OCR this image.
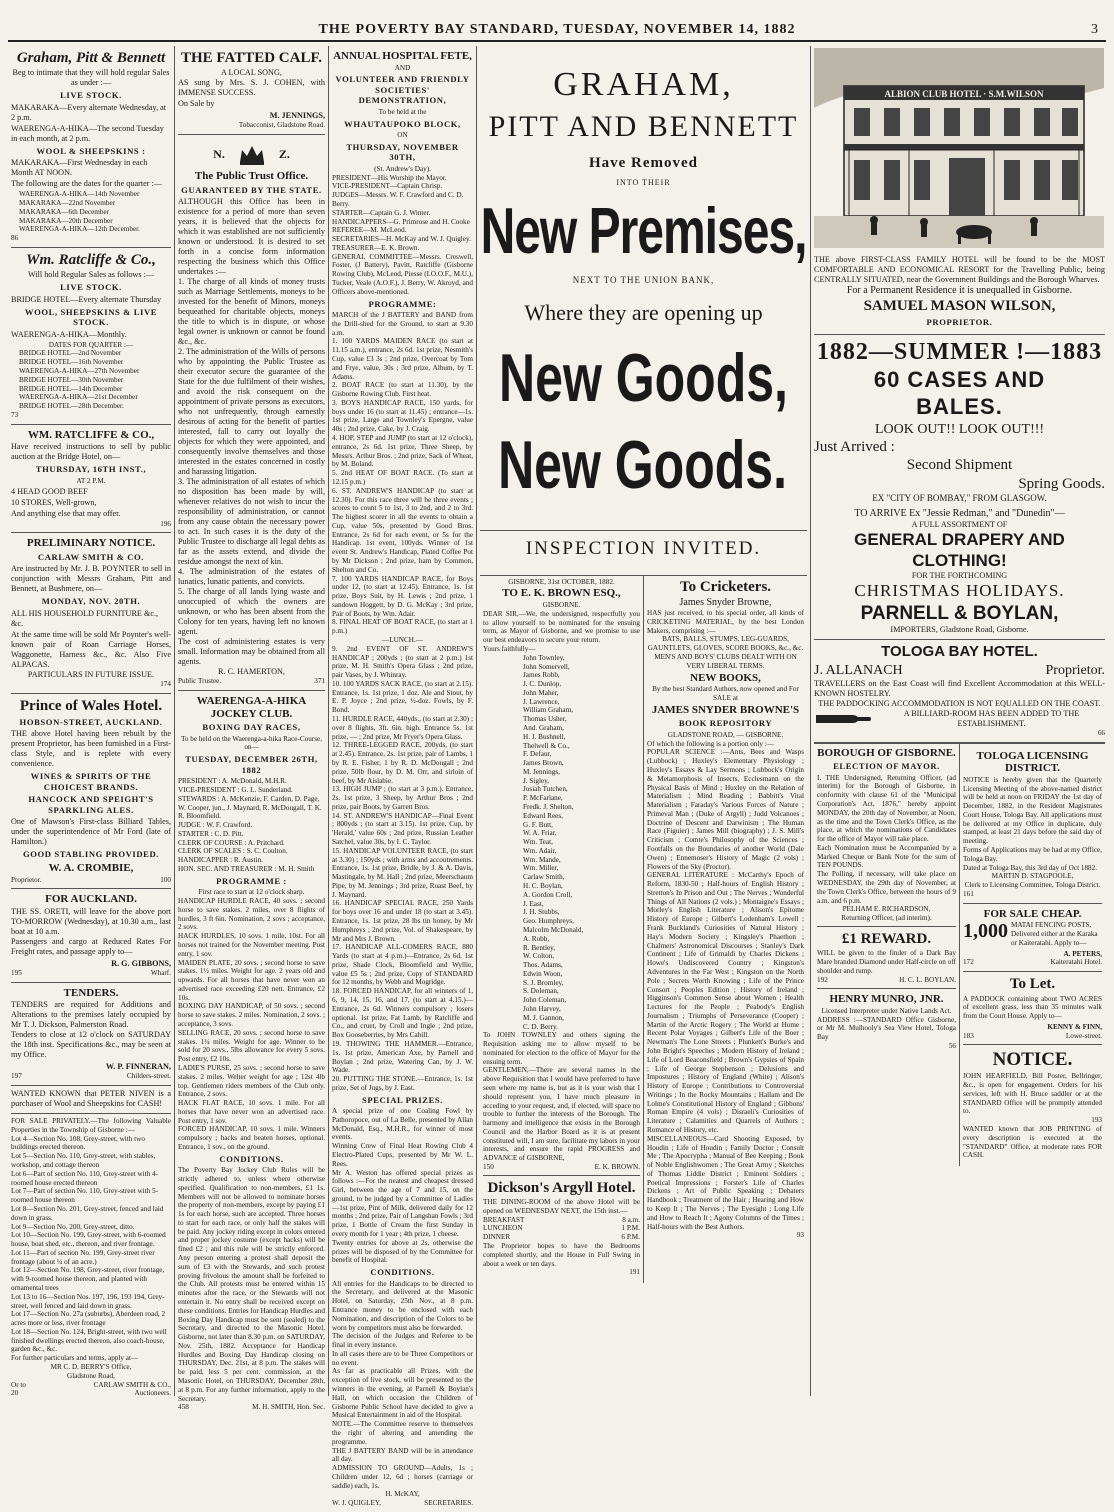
THE POVERTY BAY STANDARD, TUESDAY, NOVEMBER 14, 1882	3
Graham, Pitt & Bennett
Beg to intimate that they will hold regular Sales as under :—
LIVE STOCK.
MAKARAKA—Every alternate Wednesday, at 2 p.m.
WAERENGA-A-HIKA—The second Tuesday in each month, at 2 p.m.
WOOL & SHEEPSKINS :
MAKARAKA—First Wednesday in each Month AT NOON.
The following are the dates for the quarter :—
WAERENGA-A-HIKA—14th November
MAKARAKA—22nd November
MAKARAKA—6th December
MAKARAKA—20th December
WAERENGA-A-HIKA—12th December.
86
Wm. Ratcliffe & Co.,
Will hold Regular Sales as follows :—
LIVE STOCK.
BRIDGE HOTEL—Every alternate Thursday
WOOL, SHEEPSKINS & LIVE STOCK.
WAERENGA-A-HIKA—Monthly.
DATES FOR QUARTER :—
BRIDGE HOTEL—2nd November
BRIDGE HOTEL—16th November
WAERENGA-A-HIKA—27th November
BRIDGE HOTEL—30th November
BRIDGE HOTEL—14th December
WAERENGA-A-HIKA—21st December
BRIDGE HOTEL—28th December.
73
WM. RATCLIFFE & CO.,
Have received instructions to sell by public auction at the Bridge Hotel, on—
THURSDAY, 16TH INST.,
AT 2 P.M.
4 HEAD GOOD BEEF
10 STORES, Well-grown,
And anything else that may offer.
196
PRELIMINARY NOTICE.
CARLAW SMITH & CO.
Are instructed by Mr. J. B. POYNTER to sell in conjunction with Messrs Graham, Pitt and Bennett, at Bushmere, on—
MONDAY, NOV. 20TH.
ALL HIS HOUSEHOLD FURNITURE &c., &c.
At the same time will be sold Mr Poynter's well-known pair of Roan Carriage Horses, Waggonette, Harness &c., &c. Also Five ALPACAS.
PARTICULARS IN FUTURE ISSUE.
174
Prince of Wales Hotel.
HOBSON-STREET, AUCKLAND.
THE above Hotel having been rebuilt by the present Proprietor, has been furnished in a First-class Style, and is replete with every convenience.
WINES & SPIRITS OF THE CHOICEST BRANDS.
HANCOCK AND SPEIGHT'S SPARKLING ALES.
One of Mawson's First-class Billiard Tables, under the superintendence of Mr Ford (late of Hamilton.)
GOOD STABLING PROVIDED.
W. A. CROMBIE,
Proprietor.	100
FOR AUCKLAND.
THE SS. ORETI, will leave for the above port TO-MORROW (Wednesday), at 10.30 a.m., last boat at 10 a.m.
Passengers and cargo at Reduced Rates For Freight rates, and passage apply to—
R. G. GIBBONS,
195	Wharf.
TENDERS.
TENDERS are required for Additions and Alterations to the premises lately occupied by Mr T. J. Dickson, Palmerston Road.
Tenders to close at 12 o'clock on SATURDAY the 18th inst. Specifications &c., may be seen at my Office.
W. P. FINNERAN,
197	Childers-street.
WANTED KNOWN that PETER NIVEN is a purchaser of Wool and Sheepskins for CASH!
FOR SALE PRIVATELY.—The following Valuable Properties in the Township of Gisborne :—
Lot 4—Section No. 108, Grey-street, with two buildings erected thereon.
Lot 5—Section No. 110, Grey-street, with stables, workshop, and cottage thereon
Lot 6—Part of section No. 110, Grey-street with 4-roomed house erected thereon
Lot 7—Part of section No. 110, Grey-street with 5-roomed house thereon
Lot 8—Section No. 201, Grey-street, fenced and laid down in grass.
Lot 9—Section No. 200, Grey-street, ditto.
Lot 10—Section No. 199, Grey-street, with 6-roomed house, boat shed, etc., thereon, and river frontage.
Lot 11—Part of section No. 199, Grey-street river frontage (about ¼ of an acre.)
Lot 12—Section No. 198, Grey-street, river frontage, with 9-roomed house thereon, and planted with ornamental trees
Lot 13 to 16—Section Nos. 197, 196, 193 194, Grey-street, well fenced and laid down in grass.
Lot 17—Section No. 27a (suburbs), Aberdeen road, 2 acres more or less, river frontage
Lot 18—Section No. 124, Bright-street, with two well finished dwellings erected thereon, also coach-house, garden &c., &c.
For further particulars and terms, apply at—
MR C. D. BERRY'S Office,
Gladstone Road,
Or to	CARLAW SMITH & CO.,
20	Auctioneers.
THE FATTED CALF.
A LOCAL SONG,
AS sung by Mrs. S. J. COHEN, with IMMENSE SUCCESS.
On Sale by
M. JENNINGS,
Tobacconist, Gladstone Road.
N.	Z.
The Public Trust Office.
GUARANTEED BY THE STATE.
ALTHOUGH this Office has been in existence for a period of more than seven years, it is believed that the objects for which it was established are not sufficiently known or understood. It is desired to set forth in a concise form information respecting the business which this Office undertakes :—
1. The charge of all kinds of money trusts such as Marriage Settlements, moneys to be invested for the benefit of Minors, moneys bequeathed for charitable objects, moneys the title to which is in dispute, or whose legal owner is unknown or cannot be found &c., &c.
2. The administration of the Wills of persons who by appointing the Public Trustee as their executor secure the guarantee of the State for the due fulfilment of their wishes, and avoid the risk consequent on the appointment of private persons as executors, who not unfrequently, through earnestly desirous of acting for the benefit of parties interested, fall to carry out loyally the objects for which they were appointed, and consequently involve themselves and those interested in the estates concerned in costly and harassing litigation.
3. The administration of all estates of which no disposition has been made by will, whenever relatives do not wish to incur the responsibility of administration, or cannot from any cause obtain the necessary power to act. In such cases it is the duty of the Public Trustee to discharge all legal debts as far as the assets extend, and divide the residue amongst the next of kin.
4. The administration of the estates of lunatics, lunatic patients, and convicts.
5. The charge of all lands lying waste and unoccupied of which the owners are unknown, or who has been absent from the Colony for ten years, having left no known agent.
The cost of administering estates is very small. Information may be obtained from all agents.
R. C. HAMERTON,
Public Trustee.	371
WAERENGA-A-HIKA JOCKEY CLUB.
BOXING DAY RACES,
To be held on the Waerenga-a-hika Race-Course, on—
TUESDAY, DECEMBER 26TH, 1882
PRESIDENT : A. McDonald, M.H.R.
VICE-PRESIDENT : G. L. Sunderland.
STEWARDS : A. McKenzie, F. Carden, D. Page, W. Cooper, jun., J. Maynard, R. McDougall, T. K. R. Bloomfield.
JUDGE : W. F. Crawford.
STARTER : C. D. Pitt.
CLERK OF COURSE : A. Pritchard.
CLERK OF SCALES : S. C. Coulton.
HANDICAPPER : R. Austin.
HON. SEC. AND TREASURER : M. H. Smith
PROGRAMME :
First race to start at 12 o'clock sharp.
HANDICAP HURDLE RACE, 40 sovs. ; second horse to save stakes. 2 miles, over 8 flights of hurdles, 3 ft 6in. Nomination, 2 sovs ; acceptance, 2 sovs.
HACK HURDLES, 10 sovs. 1 mile, 10st. For all horses not trained for the November meeting. Post entry, 1 sov.
MAIDEN PLATE, 20 sovs. ; second horse to save stakes. 1½ miles. Weight for age. 2 years old and upwards. For all horses that have never won an advertised race exceeding £20 nett. Entrance, £2 10s.
BOXING DAY HANDICAP, of 50 sovs. ; second horse to save stakes. 2 miles. Nomination, 2 sovs. ; acceptance, 3 sovs.
SELLING RACE, 20 sovs. ; second horse to save stakes. 1¼ miles. Weight for age. Winner to be sold for 20 sovs., 5lbs allowance for every 5 sovs. Post entry, £2 10s.
LADIE'S PURSE, 25 sovs. ; second horse to save stakes. 2 miles. Welter weight for age ; 12st 4lb top. Gentlemen riders members of the Club only. Entrance, 2 sovs.
HACK FLAT RACE, 10 sovs. 1 mile. For all horses that have never won an advertised race. Post entry, 1 sov.
FORCED HANDICAP, 10 sovs. 1 mile. Winners compulsory ; hacks and beaten horses, optional. Entrance, 1 sov., on the ground.
CONDITIONS.
The Poverty Bay Jockey Club Rules will be strictly adhered to, unless where otherwise specified. Qualification to non-members, £1 1s. Members will not be allowed to nominate horses the property of non-members, except by paying £1 1s for each horse, such are accepted. Three horses to start for each race, or only half the stakes will be paid. Any jockey riding except in colors entered and proper jockey costume (except hacks) will be fined £2 ; and this rule will be strictly enforced. Any person entering a protest shall deposit the sum of £3 with the Stewards, and such protest proving frivolous the amount shall be forfeited to the Club. All protests must be entered within 15 minutes after the race, or the Stewards will not entertain it. No entry shall be received except on these conditions. Entries for Handicap Hurdles and Boxing Day Handicap must be sent (sealed) to the Secretary, and directed to the Masonic Hotel, Gisborne, not later than 8.30 p.m. on SATURDAY, Nov. 25th, 1882. Acceptance for Handicap Hurdles and Boxing Day Handicap closing on THURSDAY, Dec. 21st, at 8 p.m. The stakes will be paid, less 5 per cent. commission, at the Masonic Hotel, on THURSDAY, December 28th, at 8 p.m. For any further information, apply to the Secretary.
458	M. H. SMITH, Hon. Sec.
ANNUAL HOSPITAL FETE,
AND
VOLUNTEER AND FRIENDLY SOCIETIES' DEMONSTRATION,
To be held at the
WHAUTAUPOKO BLOCK,
ON
THURSDAY, NOVEMBER 30TH,
(St. Andrew's Day).
PRESIDENT—His Worship the Mayor.
VICE-PRESIDENT—Captain Chrisp.
JUDGES—Messrs. W. F. Crawford and C. D. Berry.
STARTER—Captain G. J. Winter.
HANDICAPPERS—G. Primrose and H. Cooke
REFEREE—M. McLeod.
SECRETARIES—H. McKay and W. J. Quigley.
TREASURER—E. K. Brown.
GENERAL COMMITTEE—Messrs. Creswell, Foster, (J Battery), Pavitt, Ratcliffe (Gisborne Rowing Club), McLeod, Piesse (I.O.O.F., M.U.), Tucker, Veale (A.O.F.), J. Berry, W. Akroyd, and Officers above-mentioned.
PROGRAMME:
MARCH of the J BATTERY and BAND from the Drill-shed for the Ground, to start at 9.30 a.m.
1. 100 YARDS MAIDEN RACE (to start at 11.15 a.m.), entrance, 2s 6d. 1st prize, Nesmith's Cup, value £3 3s ; 2nd prize, Overcoat by Tom and Frye, value, 30s ; 3rd prize, Album, by T. Adams.
2. BOAT RACE (to start at 11.30), by the Gisborne Rowing Club. First heat.
3. BOYS HANDICAP RACE, 150 yards, for boys under 16 (to start at 11.45) ; entrance—1s. 1st prize, Large and Townley's Epergne, value 40s ; 2nd prize, Cake, by J. Craig.
4. HOP, STEP and JUMP (to start at 12 o'clock), entrance, 2s 6d. 1st prize, Three Sheep, by Messrs. Arthur Bros. ; 2nd prize, Sack of Wheat, by M. Boland.
5. 2nd HEAT OF BOAT RACE. (To start at 12.15 p.m.)
6. ST. ANDREW'S HANDICAP (to start at 12.30). For this race three will be three events ; scores to count 5 to 1st, 3 to 2nd, and 2 to 3rd. The highest scorer in all the events to obtain a Cup, value 50s, presented by Good Bros. Entrance, 2s 6d for each event, or 5s for the Handicap. 1st event, 100yds. Winner of 1st event St. Andrew's Handicap, Plated Coffee Pot by Mr Dickson ; 2nd prize, ham by Common, Shelton and Co.
7. 100 YARDS HANDICAP RACE, for Boys under 12, (to start at 12.45). Entrance, 1s. 1st prize, Boys Suit, by H. Lewis ; 2nd prize, 1 sandown Hoggett, by D. G. McKay ; 3rd prize, Pair of Boots, by Wm. Adair.
8. FINAL HEAT OF BOAT RACE, (to start at 1 p.m.)
—LUNCH.—
9. 2nd EVENT OF ST. ANDREW'S HANDICAP ; 200yds ; (to start at 2 p.m.) 1st prize, M. H. Smith's Opera Glass ; 2nd prize, pair Vases, by J. Whinray.
10. 100 YARDS SACK RACE, (to start at 2.15). Entrance, 1s. 1st prize, 1 doz. Ale and Stout, by E. P. Joyce ; 2nd prize, ½-doz. Fowls, by F. Bond.
11. HURDLE RACE, 440yds., (to start at 2.30) ; over 8 flights, 3ft. 6in. high. Entrance 5s. 1st prize, — ; 2nd prize, Mr Fryer's Opera Glass.
12. THREE-LEGGED RACE, 200yds, (to start at 2.45). Entrance, 2s. 1st prize, pair of Lambs, 1 by R. E. Fisher, 1 by R. D. McDougall ; 2nd prize, 50lb flour, by D. M. Orr, and sirloin of beef, by Mr Aislabie.
13. HIGH JUMP ; (to start at 3 p.m.). Entrance, 2s. 1st prize, 3 Sheep, by Arthur Bros ; 2nd prize, pair Boots, by Garrett Bros.
14. ST. ANDREW'S HANDICAP—Final Event ; 800yds ; (to start at 3.15). 1st prize, Cup, by 'Herald,' value 60s ; 2nd prize, Russian Leather Satchel, value 30s, by I. C. Taylor.
15. HANDICAP VOLUNTEER RACE, (to start at 3.30) ; 150yds ; with arms and accoutrements. Entrance, 1s. 1st prize, Bridle, by J. & A. Davis, Mastingale, by M. Hall ; 2nd prize, Meerschaum Pipe, by M. Jennings ; 3rd prize, Roast Beef, by J. Maynard.
16. HANDICAP SPECIAL RACE, 250 Yards for boys over 16 and under 18 (to start at 3.45). Entrance, 1s. 1st prize, 28 lbs tin honey, by Mr Humphreys ; 2nd prize, Vol. of Shakespeare, by Mr and Mrs J. Brown.
17. HANDICAP ALL-COMERS RACE, 880 Yards (to start at 4 p.m.)—Entrance, 2s 6d. 1st prize, Shade Clock, Bloomfield and Wyllie, value £5 5s ; 2nd prize, Copy of STANDARD for 12 months, by Webb and Mogridge.
18. FORCED HANDICAP, for all winners of 1, 6, 9, 14, 15, 16, and 17, (to start at 4.15.)—Entrance, 2s 6d. Winners compulsory ; losers optional. 1st prize, Fat Lamb, by Ratcliffe and Co., and cruet, by Croll and Ingle ; 2nd prize, Box Gooseberries, by Mrs Cahill.
19. THOWING THE HAMMER.—Entrance, 1s. 1st prize, American Axe, by Parnell and Boylan ; 2nd prize, Watering Can, by J. W. Wade.
20. PUTTING THE STONE.—Entrance, 1s. 1st prize, Set of Jugs, by J. East.
SPECIAL PRIZES.
A special prize of one Coaling Fowl by Pathoropoce, out of La Belle, presented by Allan McDonald, Esq., M.H.R., for winner of most events.
Winning Crew of Final Heat Rowing Club 4 Electro-Plated Cups, presented by Mr W. L. Rees.
Mr A. Weston has offered special prizes as follows :—For the neatest and cheapest dressed Girl, between the age of 7 and 15, on the ground, to be judged by a Committee of Ladies—1st prize, Pint of Milk, delivered daily for 12 months ; 2nd prize, Pair of Langshan Fowls ; 3rd prize, 1 Bottle of Cream the first Sunday in every month for 1 year ; 4th prize, 1 cheese.
Twenty entries for above at 2s, otherwise the prizes will be disposed of by the Committee for benefit of Hospital.
CONDITIONS.
All entries for the Handicaps to be directed to the Secretary, and delivered at the Masonic Hotel, on Saturday, 25th Nov., at 8 p.m. Entrance money to be enclosed with each Nomination, and description of the Colors to be worn by competitors must also be forwarded.
The decision of the Judges and Referee to be final in every instance.
In all cases there are to be Three Competitors or no event.
As far as practicable all Prizes, with the exception of live stock, will be presented to the winners in the evening, at Parnell & Boylan's Hall, on which occasion the Children of Gisborne Public School have decided to give a Musical Entertainment in aid of the Hospital.
NOTE.—The Committee reserve to themselves the right of altering and amending the programme.
THE J BATTERY BAND will be in attendance all day.
ADMISSION TO GROUND—Adults, 1s ; Children under 12, 6d ; horses (carriage or saddle) each, 1s.
H. McKAY,
W. J. QUIGLEY,	SECRETARIES.
GRAHAM,
PITT AND BENNETT
Have Removed
INTO THEIR
New Premises,
NEXT TO THE UNION BANK,
Where they are opening up
New Goods,
New Goods.
INSPECTION INVITED.
GISBORNE, 31st OCTOBER, 1882.
TO E. K. BROWN ESQ.,
GISBORNE.
DEAR SIR,—We, the undersigned, respectfully you to allow yourself to be nominated for the ensuing term, as Mayor of Gisborne, and we promise to use our best endeavors to secure your return.
Yours faithfully—
John Townley,
John Somervell,
James Robb,
J. C. Dunlop,
John Maher,
J. Lawrence,
William Graham,
Thomas Usher,
And. Graham,
H. J. Bushnell,
Thelwell & Co.,
F. Defaur,
James Brown,
M. Jennings,
J. Sigley,
Josiah Tutchen,
P. McFarlane,
Fredk. J. Shelton,
Edward Rees,
G. F. Butt,
W. A. Friar,
Wm. Teat,
Wm. Adair,
Wm. Mande,
Wm. Miller,
Carlaw Smith,
H. C. Boylan,
A. Gordon Croll,
J. East,
J. H. Stubbs,
Geo. Humphreys,
Malcolm McDonald,
A. Robb,
R. Bentley,
W. Colton,
Thos. Adams,
Edwin Woon,
S. J. Bromley,
S. Doleman,
John Coleman,
John Harvey,
M. J. Gannon,
C. D. Berry.
To JOHN TOWNLEY and others signing the Requisition asking me to allow myself to be nominated for election to the office of Mayor for the ensuing term.
GENTLEMEN,—There are several names in the above Requisition that I would have preferred to have seen where my name is, but as it is your wish that I should represent you, I have much pleasure in acceding to your request, and, if elected, will space no trouble to further the interests of the Borough. The harmony and intelligence that exists in the Borough Council and the Harbor Board as it is at present constituted will, I am sure, facilitate my labors in your interests, and ensure the rapid PROGRESS and ADVANCE of GISBORNE,
150	E. K. BROWN.
Dickson's Argyll Hotel.
THE DINING-ROOM of the above Hotel will be opened on WEDNESDAY NEXT, the 15th inst.—
BREAKFAST	8 a.m.
LUNCHEON	1 P.M.
DINNER	6 P.M.
The Proprietor hopes to have the Bedrooms completed shortly, and the House in Full Swing in about a week or ten days.
191
To Cricketers.
James Snyder Browne,
HAS just received, to his special order, all kinds of CRICKETING MATERIAL, by the best London Makers, comprising :—
BATS, BALLS, STUMPS, LEG-GUARDS, GAUNTLETS, GLOVES, SCORE BOOKS, &c., &c.
MEN'S AND BOYS' CLUBS DEALT WITH ON VERY LIBERAL TERMS.
NEW BOOKS,
By the best Standard Authors, now opened and For SALE at
JAMES SNYDER BROWNE'S
BOOK REPOSITORY
GLADSTONE ROAD, — GISBORNE.
Of which the following is a portion only :—
POPULAR SCIENCE :—Ants, Bees and Wasps (Lubbock) ; Huxley's Elementary Physiology ; Huxley's Essays & Lay Sermons ; Lubbock's Origin & Metamorphosis of Insects, Ecclesmann on the Physical Basis of Mind ; Huxley on the Relation of Materialism ; Mind Reading ; Babbitt's Vital Materialism ; Faraday's Various Forces of Nature ; Primeval Man ; (Duke of Argyll) ; Judd Volcanoes ; Doctrine of Descent and Darwinism ; The Human Race (Figuier) ; James Mill (biography) ; J. S. Mill's Criticism ; Comte's Philosophy of the Sciences ; Footfalls on the Boundaries of another World (Dale Owen) ; Ennemoser's History of Magic (2 vols) ; Flowers of the Sky (Proctor).
GENERAL LITERATURE : McCarthy's Epoch of Reform, 1830-50 ; Half-hours of English History ; Stretton's In Prison and Out ; The Nerves ; Wonderful Things of All Nations (2 vols.) ; Montaigne's Essays ; Morley's English Literature ; Alison's Epitome History of Europe ; Gilbert's Lodenham's Lowell ; Frank Buckland's Curiosities of Natural History ; Hay's Modern Society ; Kingsley's Phaethon ; Chalmers' Astronomical Discourses ; Stanley's Dark Continent ; Life of Grimaldi by Charles Dickens ; Howe's Undiscovered Country ; Kingston's Adventures in the Far West ; Kingston on the North Pole ; Secrets Worth Knowing ; Life of the Prince Consort ; Peoples Edition ; History of Ireland ; Higginson's Common Sense about Women ; Health Lectures for the People ; Peabody's English Journalism ; Triumphs of Perseverance (Cooper) ; Martin of the Arctic Rogery ; The World at Home ; Recent Polar Voyages ; Gilbert's Life of the Boer ; Newman's The Lone Streets ; Plunkett's Burke's and John Bright's Speeches ; Modern History of Ireland ; Life of Lord Beaconsfield ; Brown's Gypsies of Spain ; Life of George Stephenson ; Delusions and Impostures ; History of England (White) ; Alison's History of Europe ; Contributions to Controversial Writings ; In the Rocky Mountains ; Hallam and De Lolme's Constitutional History of England ; Gibbons' Roman Empire (4 vols) ; Disraeli's Curiosities of Literature ; Calamities and Quarrels of Authors ; Romance of History, etc.
MISCELLANEOUS—Card Shooting Exposed, by Houdin ; Life of Houdin ; Family Doctor ; Consult Me ; The Apocrypha ; Manual of Bee Keeping ; Book of Noble Englishwomen ; The Great Army ; Sketches of Thomas Liddie District ; Eminent Soldiers ; Poetical Impressions ; Forster's Life of Charles Dickens ; Art of Public Speaking ; Debaters Handbook ; Treatment of the Hair ; Hearing and How to Keep It ; The Nerves ; The Eyesight ; Long Life and How to Reach It ; Agony Columns of the Times ; Half-hours with the Best Authors.
93
ALBION CLUB HOTEL · S.M.WILSON
THE above FIRST-CLASS FAMILY HOTEL will be found to be the MOST COMFORTABLE AND ECONOMICAL RESORT for the Travelling Public, being CENTRALLY SITUATED, near the Government Buildings and the Borough Wharves.
For a Permanent Residence it is unequalled in Gisborne.
SAMUEL MASON WILSON,
PROPRIETOR.
1882—SUMMER !—1883
60 CASES AND
BALES.
LOOK OUT!! LOOK OUT!!!
Just Arrived :
Second Shipment
Spring Goods.
EX "CITY OF BOMBAY," FROM GLASGOW.
TO ARRIVE Ex "Jessie Redman," and "Dunedin"—
A FULL ASSORTMENT OF
GENERAL DRAPERY AND CLOTHING!
FOR THE FORTHCOMING
CHRISTMAS HOLIDAYS.
PARNELL & BOYLAN,
IMPORTERS, Gladstone Road, Gisborne.
TOLOGA BAY HOTEL.
J. ALLANACH	Proprietor.
TRAVELLERS on the East Coast will find Excellent Accommodation at this WELL-KNOWN HOSTELRY.
THE PADDOCKING ACCOMMODATION IS NOT EQUALLED ON THE COAST.
A BILLIARD-ROOM HAS BEEN ADDED TO THE ESTABLISHMENT.
66
BOROUGH OF GISBORNE.
ELECTION OF MAYOR.
I, THE Undersigned, Returning Officer, (ad interim) for the Borough of Gisborne, in conformity with clause 61 of the "Municipal Corporation's Act, 1876," hereby appoint MONDAY, the 20th day of November, at Noon, as the time and the Town Clerk's Office, as the place, at which the nominations of Candidates for the office of Mayor will take place.
Each Nomination must be Accompanied by a Marked Cheque or Bank Note for the sum of TEN POUNDS.
The Polling, if necessary, will take place on WEDNESDAY, the 29th day of November, at the Town Clerk's Office, between the hours of 9 a.m. and 6 p.m.
PELHAM E. RICHARDSON,
Returning Officer, (ad interim).
£1 REWARD.
WILL be given to the finder of a Dark Bay Mare branded Diamond under Half-circle on off shoulder and rump.
192	H. C. L. BOYLAN.
HENRY MUNRO, JNR.
Licensed Interpreter under Native Lands Act.
ADDRESS :—STANDARD Office Gisborne, or Mr M. Mulhooly's Sea View Hotel, Tologa Bay
56
TOLOGA LICENSING DISTRICT.
NOTICE is hereby given that the Quarterly Licensing Meeting of the above-named district will be held at noon on FRIDAY the 1st day of December, 1882, in the Resident Magistrates Court House, Tologa Bay. All applications must be delivered at my Office in duplicate, duly stamped, at least 21 days before the said day of meeting.
Forms of Applications may be had at my Office, Tologa Bay.
Dated at Tologa Bay, this 3rd day of Oct 1882.
MARTIN D. STAGPOOLE,
Clerk to Licensing Committee, Tologa District.
161
FOR SALE CHEAP.
1,000 MATAI FENCING POSTS, Delivered either at the Karaka or Kaiteratahi. Apply to—
A. PETERS,
172	Kaiteratahi Hotel.
To Let.
A PADDOCK containing about TWO ACRES of excellent grass, less than 35 minutes walk from the Court House. Apply to—
KENNY & FINN,
183	Lowe-street.
NOTICE.
JOHN HEARFIELD, Bill Poster, Bellringer, &c., is open for engagement. Orders for his services, left with H. Bruce saddler or at the STANDARD Office will be promptly attended to.
193
WANTED known that JOB PRINTING of every description is executed at the "STANDARD" Office, at moderate rates FOR CASH.
